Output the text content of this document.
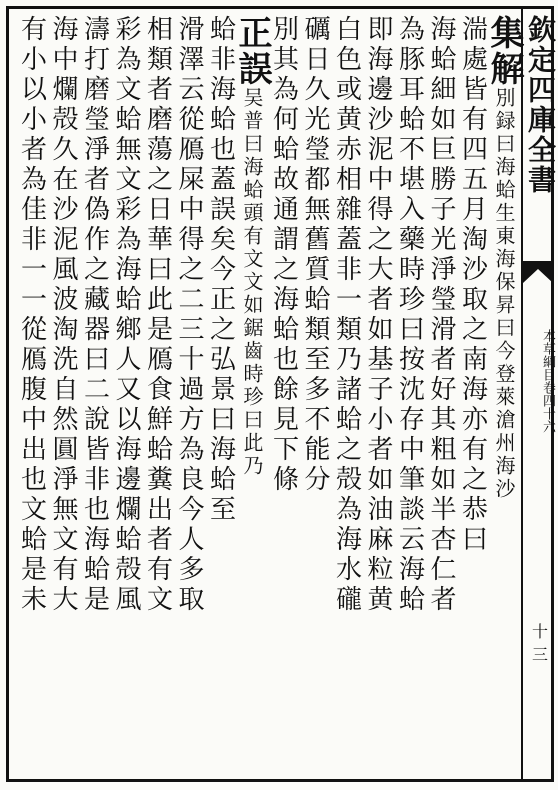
欽定四庫全書
本草綱目卷四十六
十三
集解別録曰海蛤生東海保昇曰今登萊滄州海沙
湍處皆有四五月淘沙取之南海亦有之恭曰
海蛤細如巨勝子光淨瑩滑者好其粗如半杏仁者
為豚耳蛤不堪入藥時珍曰按沈存中筆談云海蛤
即海邊沙泥中得之大者如基子小者如油麻粒黄
白色或黄赤相雜蓋非一類乃諸蛤之殻為海水礲
礪日久光瑩都無舊質蛤類至多不能分
別其為何蛤故通謂之海蛤也餘見下條
正誤吴普曰海蛤頭有文文如鋸齒時珍曰此乃
蛤非海蛤也蓋誤矣今正之弘景曰海蛤至
滑澤云從鴈屎中得之二三十過方為良今人多取
相類者磨蕩之日華曰此是鴈食鮮蛤糞出者有文
彩為文蛤無文彩為海蛤鄉人又以海邊爛蛤殻風
濤打磨瑩淨者偽作之藏器曰二說皆非也海蛤是
海中爛殻久在沙泥風波淘洗自然圓淨無文有大
有小以小者為佳非一一從鴈腹中出也文蛤是未
